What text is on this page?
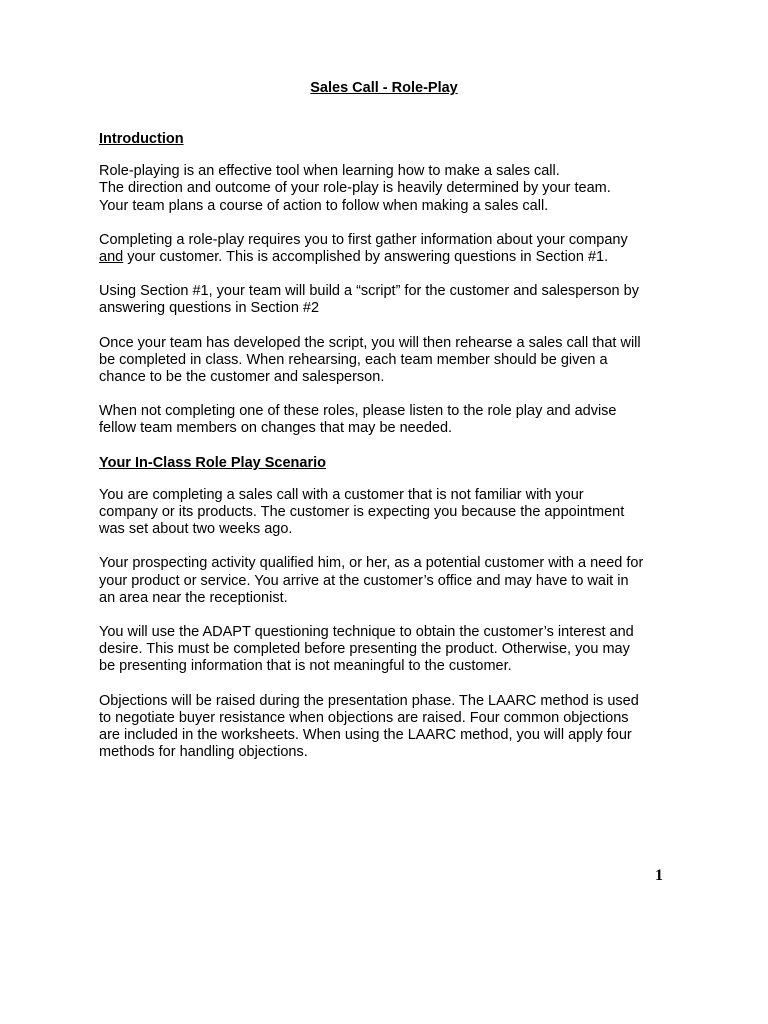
Sales Call - Role-Play

Introduction

Role-playing is an effective tool when learning how to make a sales call.
The direction and outcome of your role-play is heavily determined by your team.
Your team plans a course of action to follow when making a sales call.

Completing a role-play requires you to first gather information about your company
and your customer. This is accomplished by answering questions in Section #1.

Using Section #1, your team will build a “script” for the customer and salesperson by
answering questions in Section #2

Once your team has developed the script, you will then rehearse a sales call that will
be completed in class. When rehearsing, each team member should be given a
chance to be the customer and salesperson.

When not completing one of these roles, please listen to the role play and advise
fellow team members on changes that may be needed.

Your In-Class Role Play Scenario

You are completing a sales call with a customer that is not familiar with your
company or its products. The customer is expecting you because the appointment
was set about two weeks ago.

Your prospecting activity qualified him, or her, as a potential customer with a need for
your product or service. You arrive at the customer’s office and may have to wait in
an area near the receptionist.

You will use the ADAPT questioning technique to obtain the customer’s interest and
desire. This must be completed before presenting the product. Otherwise, you may
be presenting information that is not meaningful to the customer.

Objections will be raised during the presentation phase. The LAARC method is used
to negotiate buyer resistance when objections are raised. Four common objections
are included in the worksheets. When using the LAARC method, you will apply four
methods for handling objections.

1
